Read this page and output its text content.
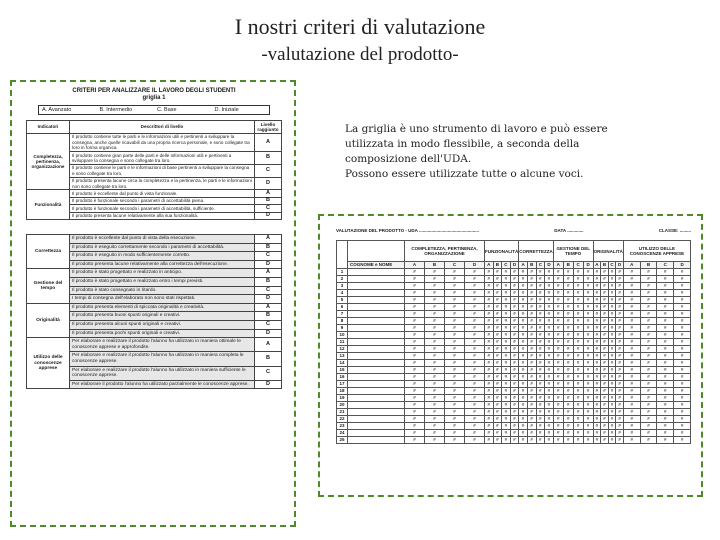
I nostri criteri di valutazione
-valutazione del prodotto-

La griglia è uno strumento di lavoro e può essere

utilizzata in modo flessibile, a seconda della

composizione dell'UDA.

Possono essere utilizzate tutte o alcune voci.

CRITERI PER ANALIZZARE IL LAVORO DEGLI STUDENTI
griglia 1
A. Avanzato	B. Intermedio	C. Base	D. Iniziale
Indicatori	Descrittori di livello	Livello raggiunto
Completezza, pertinenza, organizzazione	Il prodotto contiene tutte le parti e le informazioni utili e pertinenti a sviluppare la consegna, anche quelle ricavabili da una propria ricerca personale, e sono collegate tra loro in forma organica.	A
	Il prodotto contiene gran parte delle parti e delle informazioni utili e pertinenti a sviluppare la consegna e sono collegate tra loro.	B
	Il prodotto contiene le parti e le informazioni di base pertinenti a sviluppare la consegna e sono collegate tra loro.	C
	Il prodotto presenta lacune circa la completezza e la pertinenza, le parti e le informazioni non sono collegate tra loro.	D
Funzionalità	Il prodotto è eccellente dal punto di vista funzionale.	A
	Il prodotto è funzionale secondo i parametri di accettabilità piena.	B
	Il prodotto è funzionale secondo i parametri di accettabilità, sufficiente.	C
	Il prodotto presenta lacune relativamente alla sua funzionalità.	D
Correttezza	Il prodotto è eccellente dal punto di vista della esecuzione.	A
	Il prodotto è eseguito correttamente secondo i parametri di accettabilità.	B
	Il prodotto è eseguito in modo sufficientemente corretto.	C
	Il prodotto presenta lacune relativamente alla correttezza dell'esecuzione.	D
Gestione del tempo	Il prodotto è stato progettato e realizzato in anticipo.	A
	Il prodotto è stato progettato e realizzato entro i tempi previsti.	B
	Il prodotto è stato consegnato in ritardo.	C
	I tempi di consegna dell'elaborato non sono stati rispettati.	D
Originalità	Il prodotto presenta elementi di spiccata originalità e creatività.	A
	Il prodotto presenta buoni spunti originali e creativi.	B
	Il prodotto presenta alcuni spunti originali e creativi.	C
	Il prodotto presenta pochi spunti originali e creativi.	D
Utilizzo delle conoscenze apprese	Per elaborare e realizzare il prodotto l'alunno ha utilizzato in maniera ottimale le conoscenze apprese e approfondite.	A
	Per elaborare e realizzare il prodotto l'alunno ha utilizzato in maniera completa le conoscenze apprese.	B
	Per elaborare e realizzare il prodotto l'alunno ha utilizzato in maniera sufficiente le conoscenze apprese.	C
	Per elaborare il prodotto l'alunno ha utilizzato parzialmente le conoscenze apprese.	D
VALUTAZIONE DEL PRODOTTO - UDA ................................................	DATA .............	CLASSE: .........
		COMPLETEZZA, PERTINENZA, ORGANIZZAZIONE				FUNZIONALITÀ				CORRETTEZZA				GESTIONE DEL TEMPO				ORIGINALITÀ				UTILIZZO DELLE CONOSCENZE APPRESE			
	COGNOME e NOME	A	B	C	D	A	B	C	D	A	B	C	D	A	B	C	D	A	B	C	D	A	B	C	D
1		#	#	#	#	#	#	#	#	#	#	#	#	#	#	#	#	#	#	#	#	#	#	#	#
2		#	#	#	#	#	#	#	#	#	#	#	#	#	#	#	#	#	#	#	#	#	#	#	#
3		#	#	#	#	#	#	#	#	#	#	#	#	#	#	#	#	#	#	#	#	#	#	#	#
4		#	#	#	#	#	#	#	#	#	#	#	#	#	#	#	#	#	#	#	#	#	#	#	#
5		#	#	#	#	#	#	#	#	#	#	#	#	#	#	#	#	#	#	#	#	#	#	#	#
6		#	#	#	#	#	#	#	#	#	#	#	#	#	#	#	#	#	#	#	#	#	#	#	#
7		#	#	#	#	#	#	#	#	#	#	#	#	#	#	#	#	#	#	#	#	#	#	#	#
8		#	#	#	#	#	#	#	#	#	#	#	#	#	#	#	#	#	#	#	#	#	#	#	#
9		#	#	#	#	#	#	#	#	#	#	#	#	#	#	#	#	#	#	#	#	#	#	#	#
10		#	#	#	#	#	#	#	#	#	#	#	#	#	#	#	#	#	#	#	#	#	#	#	#
11		#	#	#	#	#	#	#	#	#	#	#	#	#	#	#	#	#	#	#	#	#	#	#	#
12		#	#	#	#	#	#	#	#	#	#	#	#	#	#	#	#	#	#	#	#	#	#	#	#
13		#	#	#	#	#	#	#	#	#	#	#	#	#	#	#	#	#	#	#	#	#	#	#	#
14		#	#	#	#	#	#	#	#	#	#	#	#	#	#	#	#	#	#	#	#	#	#	#	#
15		#	#	#	#	#	#	#	#	#	#	#	#	#	#	#	#	#	#	#	#	#	#	#	#
16		#	#	#	#	#	#	#	#	#	#	#	#	#	#	#	#	#	#	#	#	#	#	#	#
17		#	#	#	#	#	#	#	#	#	#	#	#	#	#	#	#	#	#	#	#	#	#	#	#
18		#	#	#	#	#	#	#	#	#	#	#	#	#	#	#	#	#	#	#	#	#	#	#	#
19		#	#	#	#	#	#	#	#	#	#	#	#	#	#	#	#	#	#	#	#	#	#	#	#
20		#	#	#	#	#	#	#	#	#	#	#	#	#	#	#	#	#	#	#	#	#	#	#	#
21		#	#	#	#	#	#	#	#	#	#	#	#	#	#	#	#	#	#	#	#	#	#	#	#
22		#	#	#	#	#	#	#	#	#	#	#	#	#	#	#	#	#	#	#	#	#	#	#	#
23		#	#	#	#	#	#	#	#	#	#	#	#	#	#	#	#	#	#	#	#	#	#	#	#
24		#	#	#	#	#	#	#	#	#	#	#	#	#	#	#	#	#	#	#	#	#	#	#	#
25		#	#	#	#	#	#	#	#	#	#	#	#	#	#	#	#	#	#	#	#	#	#	#	#
